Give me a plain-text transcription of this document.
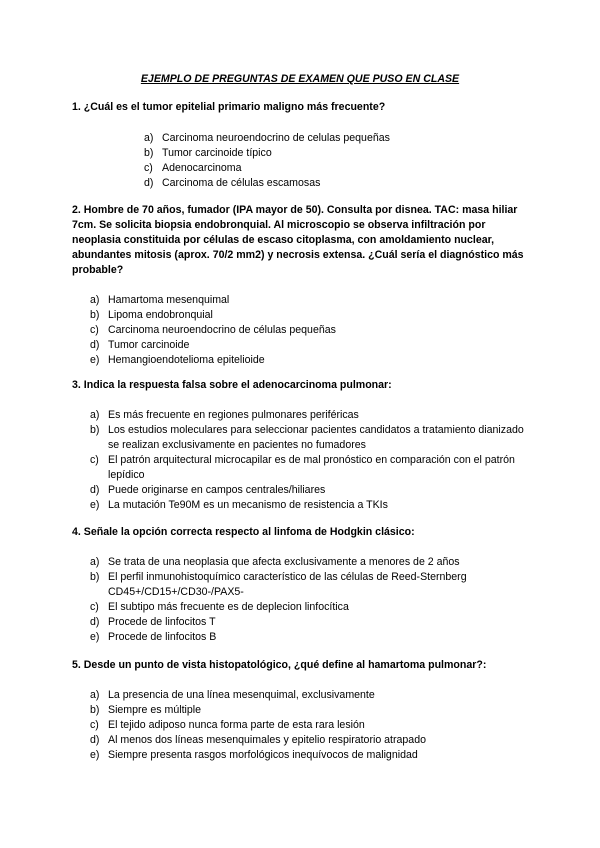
EJEMPLO DE PREGUNTAS DE EXAMEN QUE PUSO EN CLASE

1. ¿Cuál es el tumor epitelial primario maligno más frecuente?

a) Carcinoma neuroendocrino de celulas pequeñas
b) Tumor carcinoide típico
c) Adenocarcinoma
d) Carcinoma de células escamosas

2. Hombre de 70 años, fumador (IPA mayor de 50). Consulta por disnea. TAC: masa hiliar 7cm. Se solicita biopsia endobronquial. Al microscopio se observa infiltración por neoplasia constituida por células de escaso citoplasma, con amoldamiento nuclear, abundantes mitosis (aprox. 70/2 mm2) y necrosis extensa. ¿Cuál sería el diagnóstico más probable?

a) Hamartoma mesenquimal
b) Lipoma endobronquial
c) Carcinoma neuroendocrino de células pequeñas
d) Tumor carcinoide
e) Hemangioendotelioma epitelioide

3. Indica la respuesta falsa sobre el adenocarcinoma pulmonar:

a) Es más frecuente en regiones pulmonares periféricas
b) Los estudios moleculares para seleccionar pacientes candidatos a tratamiento dianizado se realizan exclusivamente en pacientes no fumadores
c) El patrón arquitectural microcapilar es de mal pronóstico en comparación con el patrón lepídico
d) Puede originarse en campos centrales/hiliares
e) La mutación Te90M es un mecanismo de resistencia a TKIs

4. Señale la opción correcta respecto al linfoma de Hodgkin clásico:

a) Se trata de una neoplasia que afecta exclusivamente a menores de 2 años
b) El perfil inmunohistoquímico característico de las células de Reed-Sternberg CD45+/CD15+/CD30-/PAX5-
c) El subtipo más frecuente es de deplecion linfocítica
d) Procede de linfocitos T
e) Procede de linfocitos B

5. Desde un punto de vista histopatológico, ¿qué define al hamartoma pulmonar?:

a) La presencia de una línea mesenquimal, exclusivamente
b) Siempre es múltiple
c) El tejido adiposo nunca forma parte de esta rara lesión
d) Al menos dos líneas mesenquimales y epitelio respiratorio atrapado
e) Siempre presenta rasgos morfológicos inequívocos de malignidad
